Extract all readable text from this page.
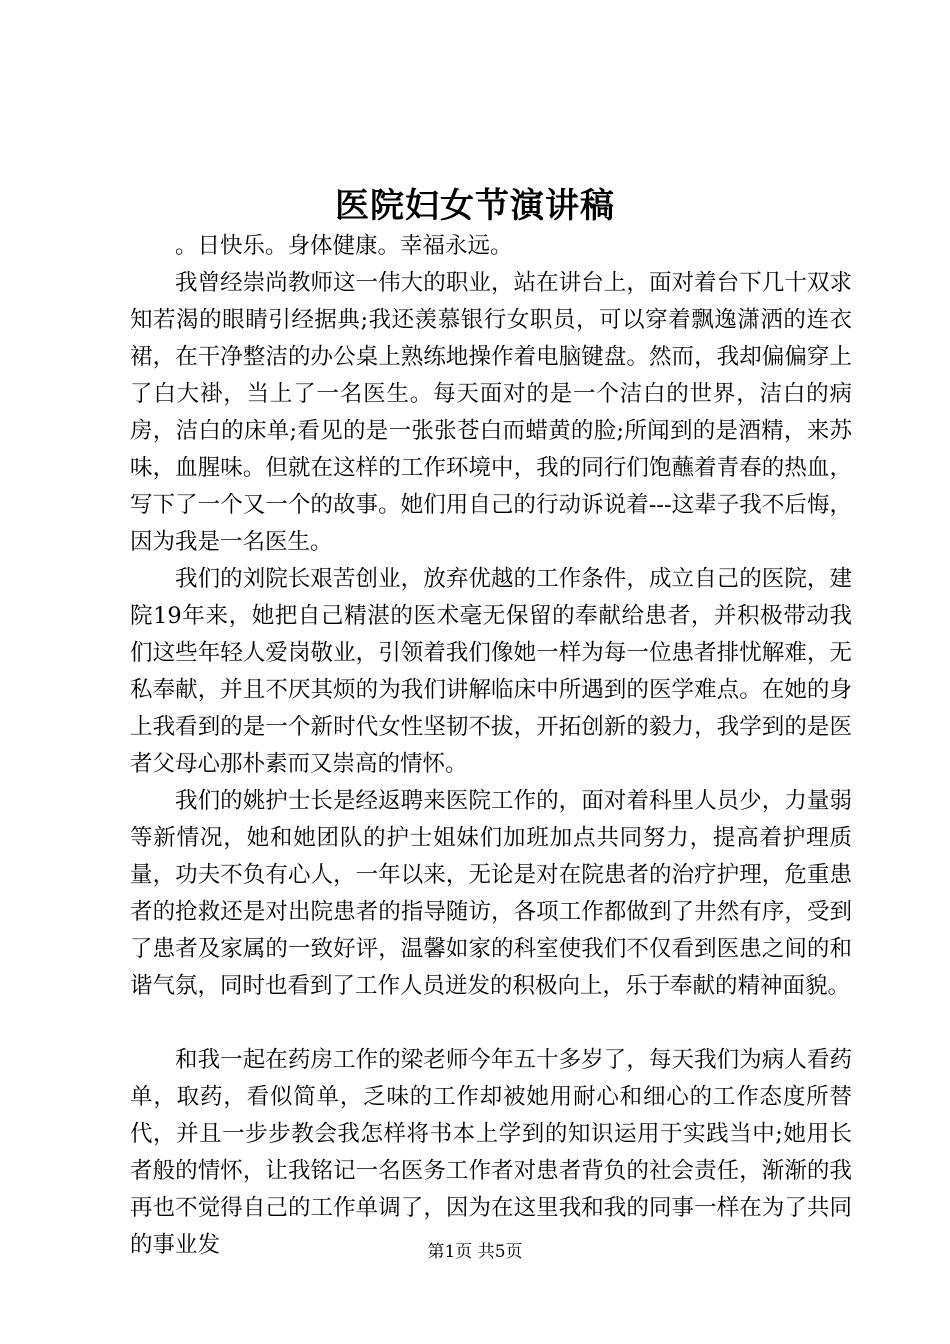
医院妇女节演讲稿

。日快乐。身体健康。幸福永远。

我曾经崇尚教师这一伟大的职业，站在讲台上，面对着台下几十双求知若渴的眼睛引经据典;我还羡慕银行女职员，可以穿着飘逸潇洒的连衣裙，在干净整洁的办公桌上熟练地操作着电脑键盘。然而，我却偏偏穿上了白大褂，当上了一名医生。每天面对的是一个洁白的世界，洁白的病房，洁白的床单;看见的是一张张苍白而蜡黄的脸;所闻到的是酒精，来苏味，血腥味。但就在这样的工作环境中，我的同行们饱蘸着青春的热血，写下了一个又一个的故事。她们用自己的行动诉说着---这辈子我不后悔，因为我是一名医生。

我们的刘院长艰苦创业，放弃优越的工作条件，成立自己的医院，建院19年来，她把自己精湛的医术毫无保留的奉献给患者，并积极带动我们这些年轻人爱岗敬业，引领着我们像她一样为每一位患者排忧解难，无私奉献，并且不厌其烦的为我们讲解临床中所遇到的医学难点。在她的身上我看到的是一个新时代女性坚韧不拔，开拓创新的毅力，我学到的是医者父母心那朴素而又崇高的情怀。

我们的姚护士长是经返聘来医院工作的，面对着科里人员少，力量弱等新情况，她和她团队的护士姐妹们加班加点共同努力，提高着护理质量，功夫不负有心人，一年以来，无论是对在院患者的治疗护理，危重患者的抢救还是对出院患者的指导随访，各项工作都做到了井然有序，受到了患者及家属的一致好评，温馨如家的科室使我们不仅看到医患之间的和谐气氛，同时也看到了工作人员迸发的积极向上，乐于奉献的精神面貌。

和我一起在药房工作的梁老师今年五十多岁了，每天我们为病人看药单，取药，看似简单，乏味的工作却被她用耐心和细心的工作态度所替代，并且一步步教会我怎样将书本上学到的知识运用于实践当中;她用长者般的情怀，让我铭记一名医务工作者对患者背负的社会责任，渐渐的我再也不觉得自己的工作单调了，因为在这里我和我的同事一样在为了共同的事业发	第1页 共5页
